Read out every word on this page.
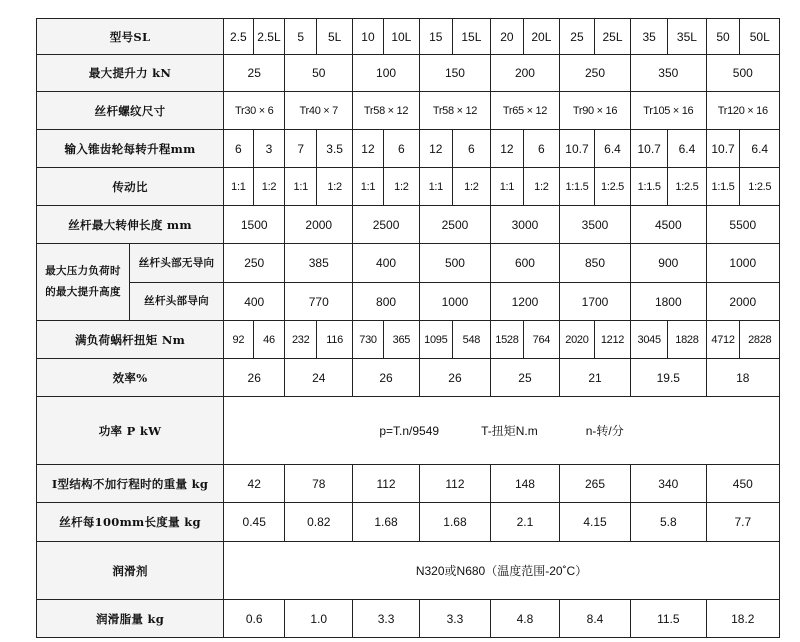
型号SL		2.5	2.5L	5	5L	10	10L	15	15L	20	20L	25	25L	35	35L	50	50L
最大提升力 kN		25		50		100		150		200		250		350		500	
丝杆螺纹尺寸		Tr30 × 6		Tr40 × 7		Tr58 × 12		Tr58 × 12		Tr65 × 12		Tr90 × 16		Tr105 × 16		Tr120 × 16	
输入锥齿轮每转升程mm		6	3	7	3.5	12	6	12	6	12	6	10.7	6.4	10.7	6.4	10.7	6.4
传动比		1:1	1:2	1:1	1:2	1:1	1:2	1:1	1:2	1:1	1:2	1:1.5	1:2.5	1:1.5	1:2.5	1:1.5	1:2.5
丝杆最大转伸长度 mm		1500		2000		2500		2500		3000		3500		4500		5500	

最大压力负荷时
的最大提升高度	丝杆头部无导向	250		385		400		500		600		850		900		1000	
	丝杆头部导向	400		770		800		1000		1200		1700		1800		2000	
满负荷蜗杆扭矩 Nm		92	46	232	116	730	365	1095	548	1528	764	2020	1212	3045	1828	4712	2828
效率%		26		24		26		26		25		21		19.5		18	
功率 P kW		p=T.n/9549 T-扭矩N.m n-转/分															
I型结构不加行程时的重量 kg		42		78		112		112		148		265		340		450	
丝杆每100mm长度量 kg		0.45		0.82		1.68		1.68		2.1		4.15		5.8		7.7	
润滑剂		N320或N680（温度范围-20˚C）															
润滑脂量 kg		0.6		1.0		3.3		3.3		4.8		8.4		11.5		18.2	
